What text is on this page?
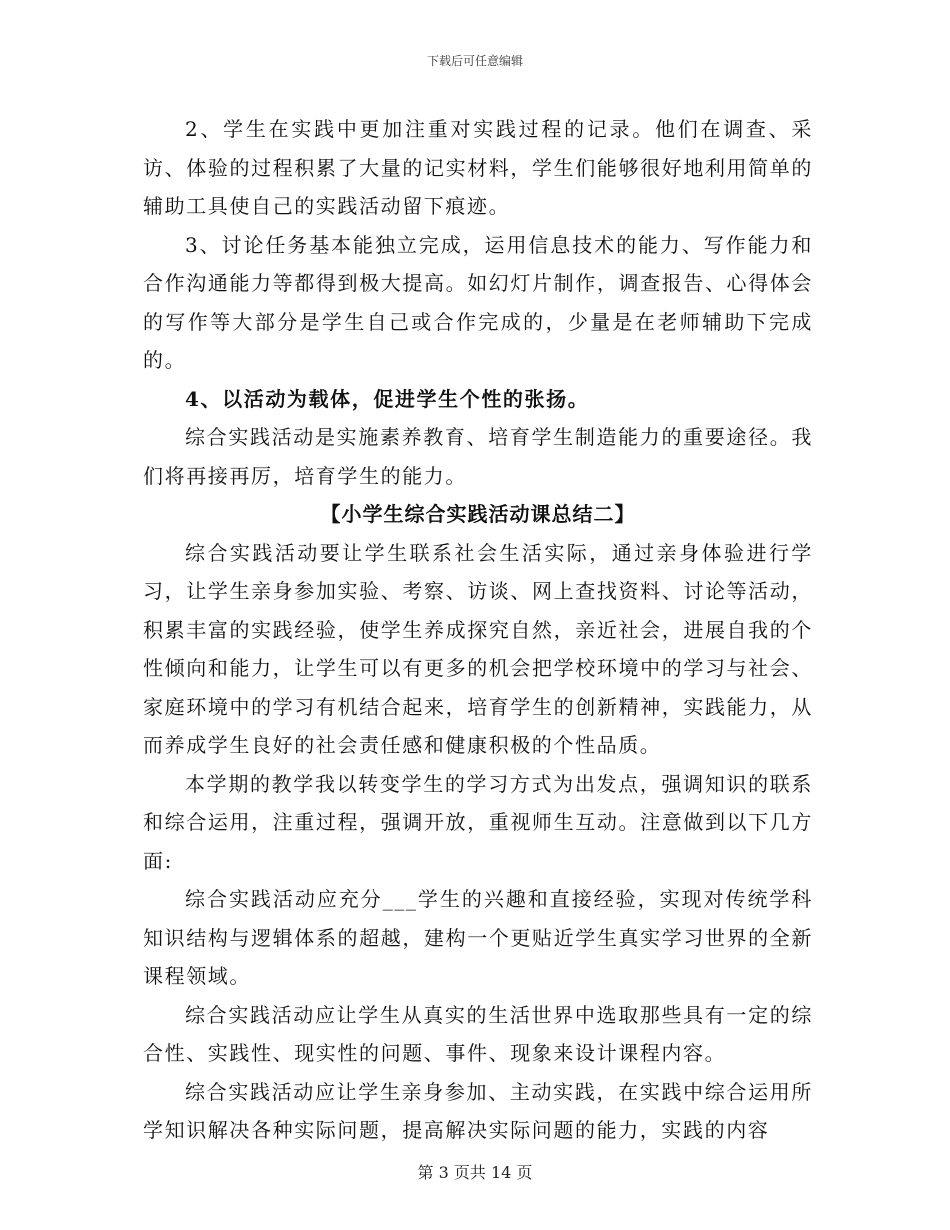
下载后可任意编辑

2、学生在实践中更加注重对实践过程的记录。他们在调查、采访、体验的过程积累了大量的记实材料，学生们能够很好地利用简单的辅助工具使自己的实践活动留下痕迹。

3、讨论任务基本能独立完成，运用信息技术的能力、写作能力和合作沟通能力等都得到极大提高。如幻灯片制作，调查报告、心得体会的写作等大部分是学生自己或合作完成的，少量是在老师辅助下完成的。

4、以活动为载体，促进学生个性的张扬。

综合实践活动是实施素养教育、培育学生制造能力的重要途径。我们将再接再厉，培育学生的能力。

【小学生综合实践活动课总结二】

综合实践活动要让学生联系社会生活实际，通过亲身体验进行学习，让学生亲身参加实验、考察、访谈、网上查找资料、讨论等活动，积累丰富的实践经验，使学生养成探究自然，亲近社会，进展自我的个性倾向和能力，让学生可以有更多的机会把学校环境中的学习与社会、家庭环境中的学习有机结合起来，培育学生的创新精神，实践能力，从而养成学生良好的社会责任感和健康积极的个性品质。

本学期的教学我以转变学生的学习方式为出发点，强调知识的联系和综合运用，注重过程，强调开放，重视师生互动。注意做到以下几方面:

综合实践活动应充分___学生的兴趣和直接经验，实现对传统学科知识结构与逻辑体系的超越，建构一个更贴近学生真实学习世界的全新课程领域。

综合实践活动应让学生从真实的生活世界中选取那些具有一定的综合性、实践性、现实性的问题、事件、现象来设计课程内容。

综合实践活动应让学生亲身参加、主动实践，在实践中综合运用所学知识解决各种实际问题，提高解决实际问题的能力，实践的内容

第 3 页共 14 页
